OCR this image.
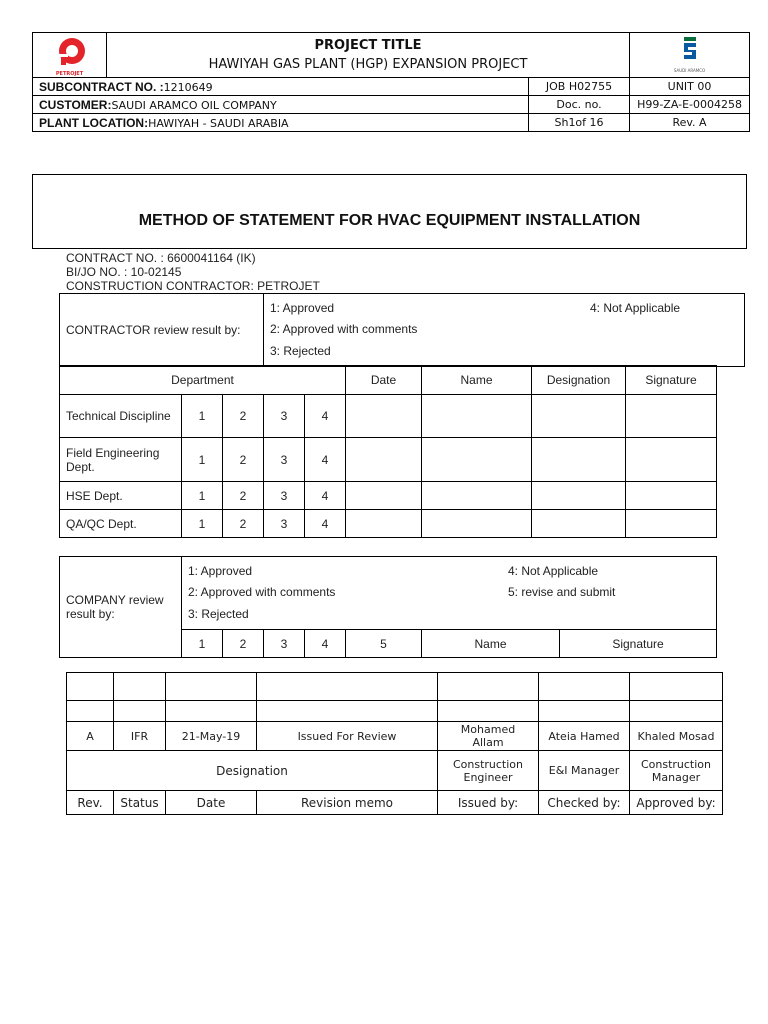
PETROJET	PROJECT TITLE
HAWIYAH GAS PLANT (HGP) EXPANSION PROJECT		SAUDI ARAMCO

SUBCONTRACT NO. :1210649		JOB H02755	UNIT 00
CUSTOMER:SAUDI ARAMCO OIL COMPANY		Doc. no.	H99-ZA-E-0004258
PLANT LOCATION:HAWIYAH - SAUDI ARABIA		Sh1of 16	Rev. A
METHOD OF STATEMENT FOR HVAC EQUIPMENT INSTALLATION
CONTRACT NO. : 6600041164 (IK)
BI/JO NO. : 10-02145
CONSTRUCTION CONTRACTOR: PETROJET
CONTRACTOR review result by:	
1: Approved
2: Approved with comments
3: Rejected
4: Not Applicable
Department					Date	Name	Designation	Signature
Technical Discipline	1	2	3	4				
Field Engineering Dept.	1	2	3	4				
HSE Dept.	1	2	3	4				
QA/QC Dept.	1	2	3	4				
COMPANY review result by:	1: Approved
2: Approved with comments
3: Rejected
4: Not Applicable
5: revise and submit						

	1	2	3	4	5	Name	Signature

A	IFR	21-May-19	Issued For Review	Mohamed Allam	Ateia Hamed	Khaled Mosad
Designation				Construction Engineer	E&I Manager	Construction Manager
Rev.	Status	Date	Revision memo	Issued by:	Checked by:	Approved by:
